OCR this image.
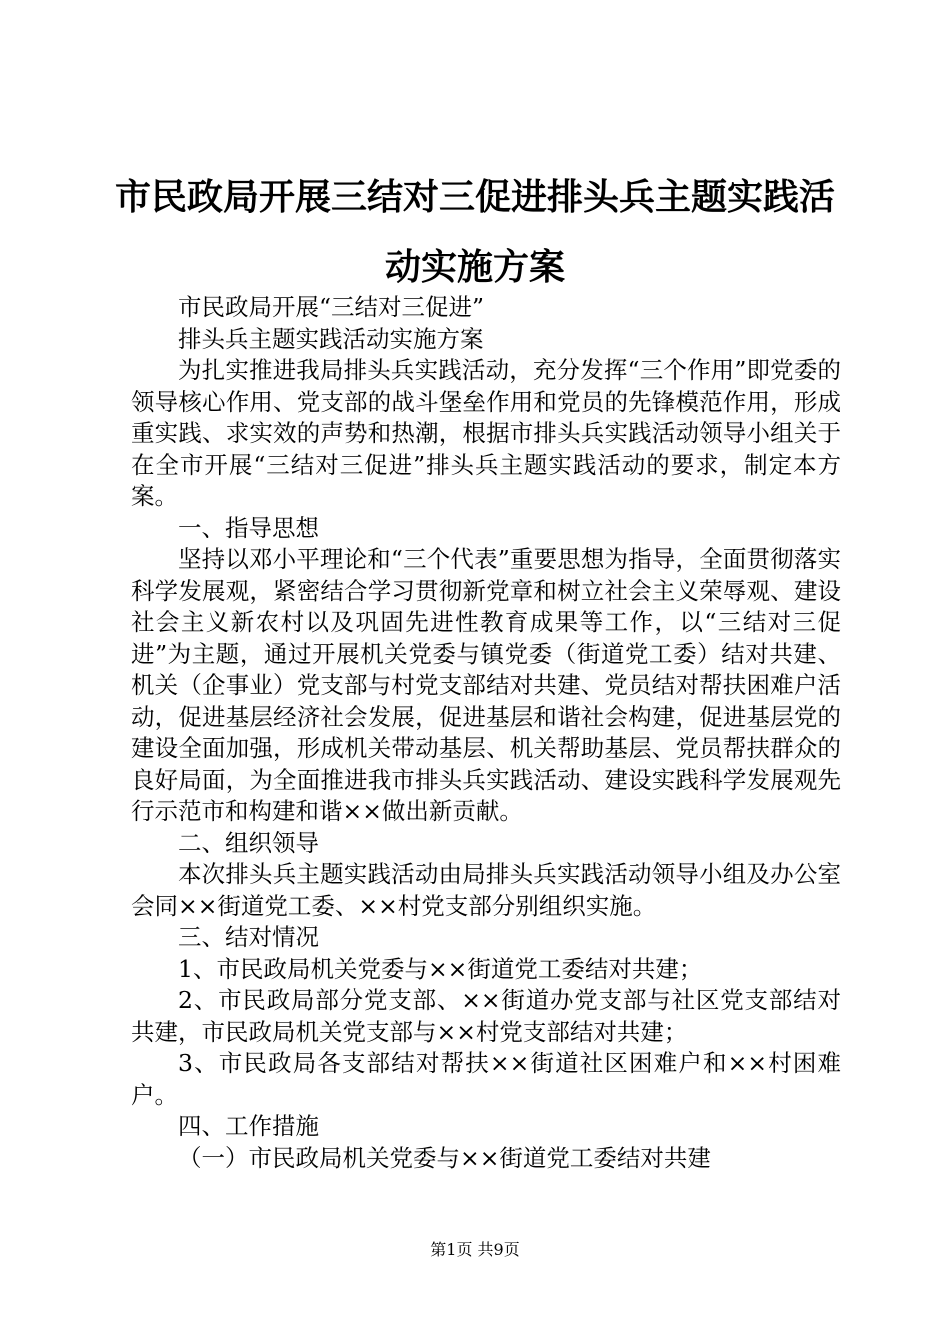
市民政局开展三结对三促进排头兵主题实践活动实施方案

市民政局开展“三结对三促进”

排头兵主题实践活动实施方案

为扎实推进我局排头兵实践活动，充分发挥“三个作用”即党委的领导核心作用、党支部的战斗堡垒作用和党员的先锋模范作用，形成重实践、求实效的声势和热潮，根据市排头兵实践活动领导小组关于在全市开展“三结对三促进”排头兵主题实践活动的要求，制定本方案。

一、指导思想

坚持以邓小平理论和“三个代表”重要思想为指导，全面贯彻落实科学发展观，紧密结合学习贯彻新党章和树立社会主义荣辱观、建设社会主义新农村以及巩固先进性教育成果等工作，以“三结对三促进”为主题，通过开展机关党委与镇党委（街道党工委）结对共建、机关（企事业）党支部与村党支部结对共建、党员结对帮扶困难户活动，促进基层经济社会发展，促进基层和谐社会构建，促进基层党的建设全面加强，形成机关带动基层、机关帮助基层、党员帮扶群众的良好局面，为全面推进我市排头兵实践活动、建设实践科学发展观先行示范市和构建和谐××做出新贡献。

二、组织领导

本次排头兵主题实践活动由局排头兵实践活动领导小组及办公室会同××街道党工委、××村党支部分别组织实施。

三、结对情况

1、市民政局机关党委与××街道党工委结对共建；

2、市民政局部分党支部、××街道办党支部与社区党支部结对共建，市民政局机关党支部与××村党支部结对共建；

3、市民政局各支部结对帮扶××街道社区困难户和××村困难户。

四、工作措施

（一）市民政局机关党委与××街道党工委结对共建

第1页 共9页
